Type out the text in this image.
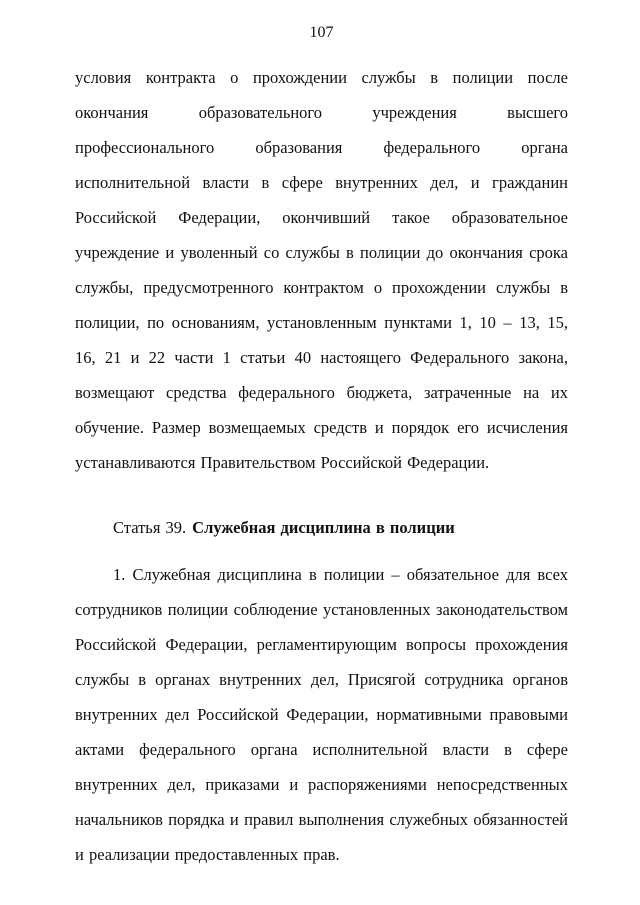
107

условия контракта о прохождении службы в полиции после окончания образовательного учреждения высшего профессионального образования федерального органа исполнительной власти в сфере внутренних дел, и гражданин Российской Федерации, окончивший такое образовательное учреждение и уволенный со службы в полиции до окончания срока службы, предусмотренного контрактом о прохождении службы в полиции, по основаниям, установленным пунктами 1, 10 – 13, 15, 16, 21 и 22 части 1 статьи 40 настоящего Федерального закона, возмещают средства федерального бюджета, затраченные на их обучение. Размер возмещаемых средств и порядок его исчисления устанавливаются Правительством Российской Федерации.

Статья 39. Служебная дисциплина в полиции

1. Служебная дисциплина в полиции – обязательное для всех сотрудников полиции соблюдение установленных законодательством Российской Федерации, регламентирующим вопросы прохождения службы в органах внутренних дел, Присягой сотрудника органов внутренних дел Российской Федерации, нормативными правовыми актами федерального органа исполнительной власти в сфере внутренних дел, приказами и распоряжениями непосредственных начальников порядка и правил выполнения служебных обязанностей и реализации предоставленных прав.
